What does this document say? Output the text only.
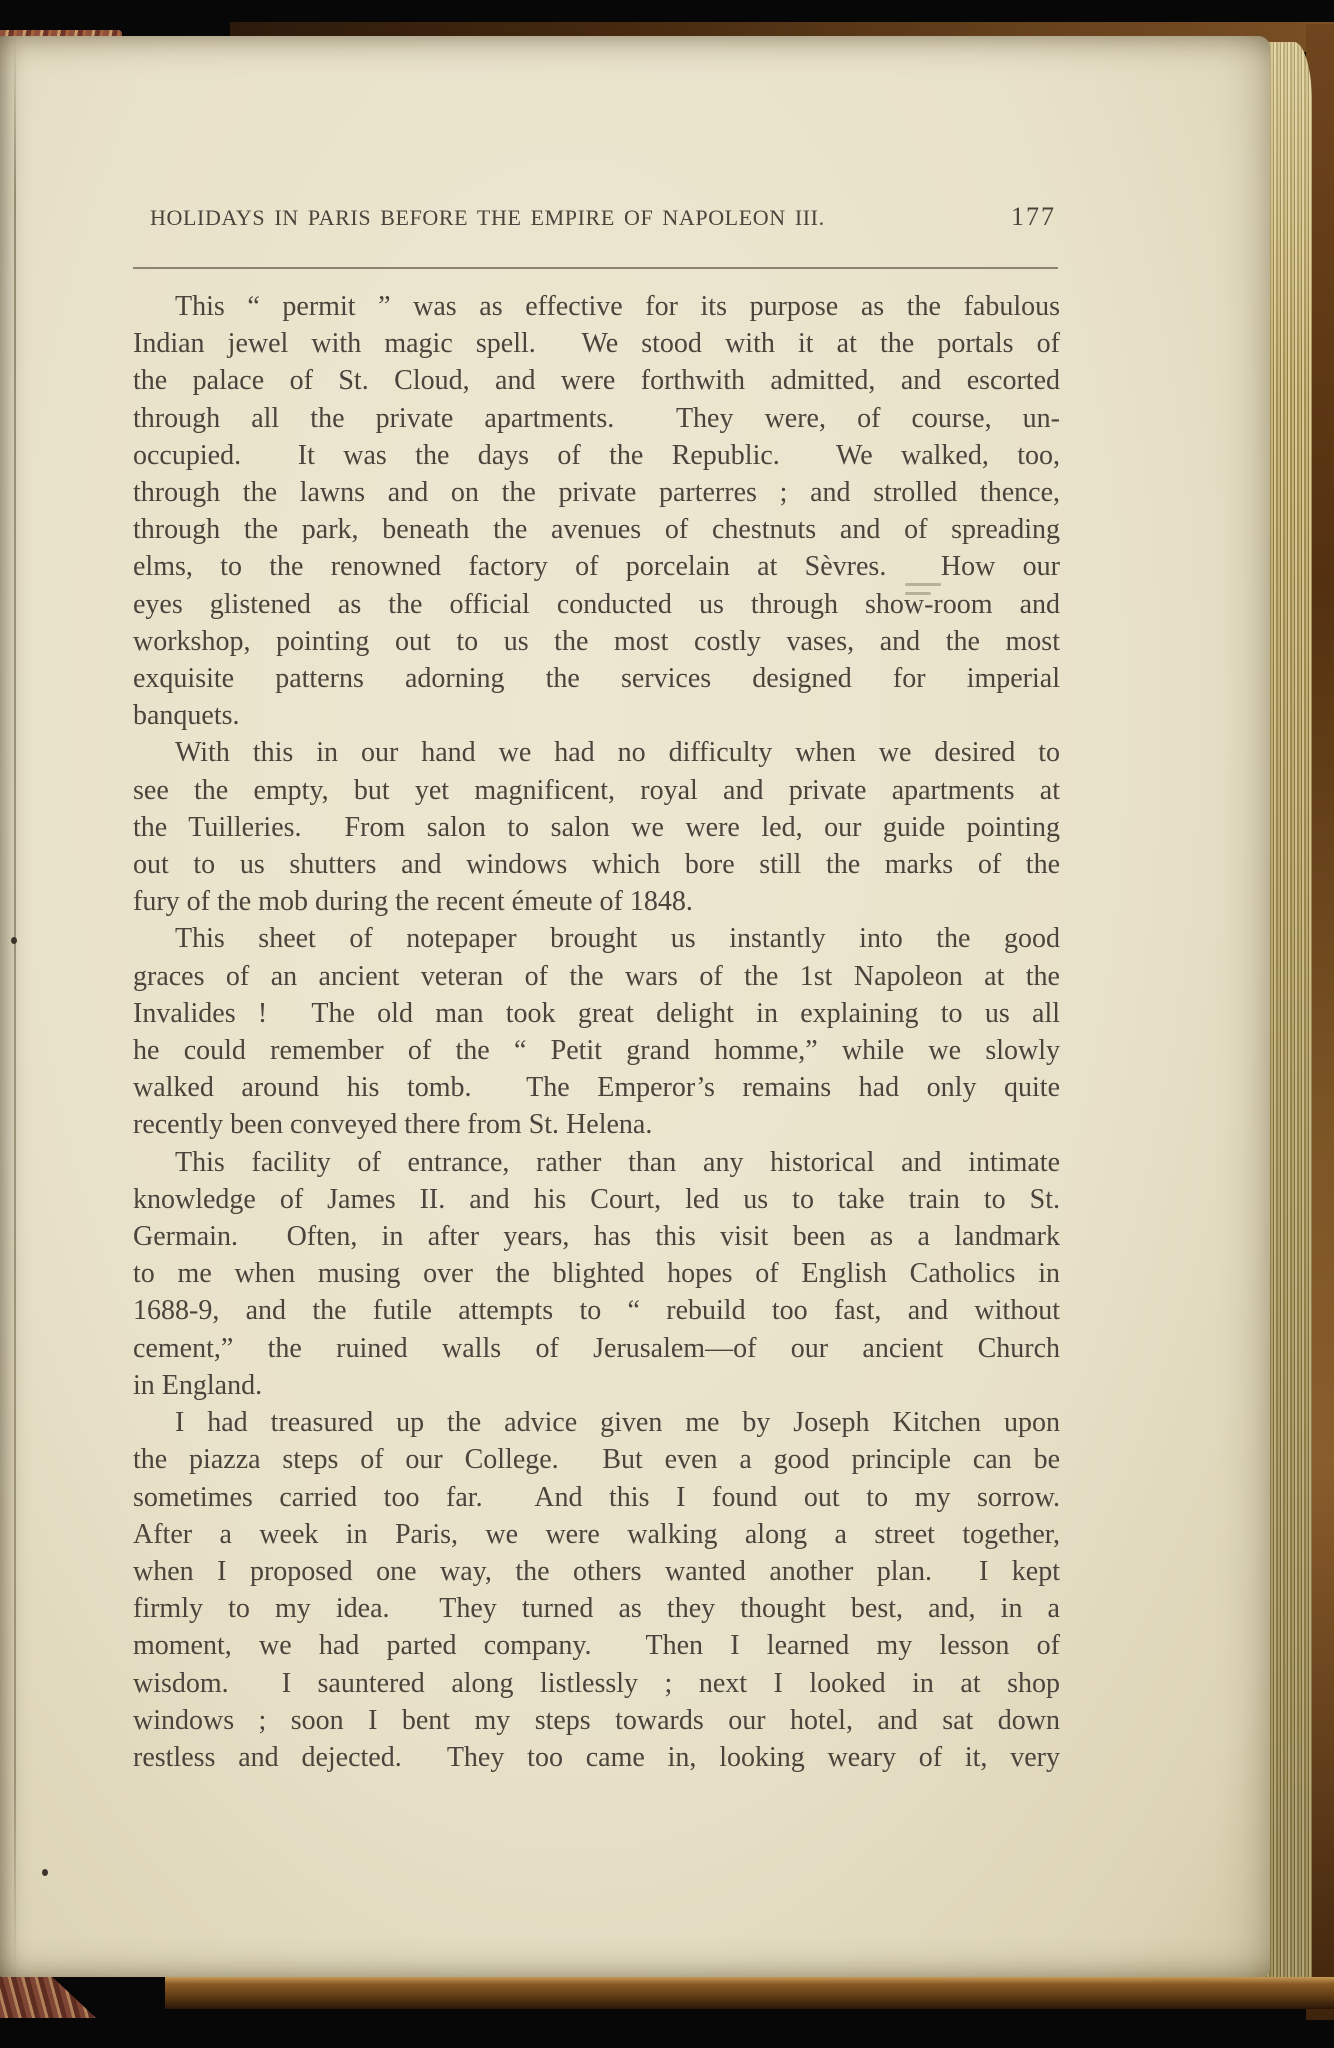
HOLIDAYS IN PARIS BEFORE THE EMPIRE OF NAPOLEON III.	177
This “ permit ” was as effective for its purpose as the fabulous
Indian jewel with magic spell.  We stood with it at the portals of
the palace of St. Cloud, and were forthwith admitted, and escorted
through all the private apartments.  They were, of course, un-
occupied.  It was the days of the Republic.  We walked, too,
through the lawns and on the private parterres ; and strolled thence,
through the park, beneath the avenues of chestnuts and of spreading
elms, to the renowned factory of porcelain at Sèvres.  How our
eyes glistened as the official conducted us through show-room and
workshop, pointing out to us the most costly vases, and the most
exquisite patterns adorning the services designed for imperial
banquets.
With this in our hand we had no difficulty when we desired to
see the empty, but yet magnificent, royal and private apartments at
the Tuilleries.  From salon to salon we were led, our guide pointing
out to us shutters and windows which bore still the marks of the
fury of the mob during the recent émeute of 1848.
This sheet of notepaper brought us instantly into the good
graces of an ancient veteran of the wars of the 1st Napoleon at the
Invalides !  The old man took great delight in explaining to us all
he could remember of the “ Petit grand homme,” while we slowly
walked around his tomb.  The Emperor’s remains had only quite
recently been conveyed there from St. Helena.
This facility of entrance, rather than any historical and intimate
knowledge of James II. and his Court, led us to take train to St.
Germain.  Often, in after years, has this visit been as a landmark
to me when musing over the blighted hopes of English Catholics in
1688-9, and the futile attempts to “ rebuild too fast, and without
cement,” the ruined walls of Jerusalem—of our ancient Church
in England.
I had treasured up the advice given me by Joseph Kitchen upon
the piazza steps of our College.  But even a good principle can be
sometimes carried too far.  And this I found out to my sorrow.
After a week in Paris, we were walking along a street together,
when I proposed one way, the others wanted another plan.  I kept
firmly to my idea.  They turned as they thought best, and, in a
moment, we had parted company.  Then I learned my lesson of
wisdom.  I sauntered along listlessly ; next I looked in at shop
windows ; soon I bent my steps towards our hotel, and sat down
restless and dejected.  They too came in, looking weary of it, very
